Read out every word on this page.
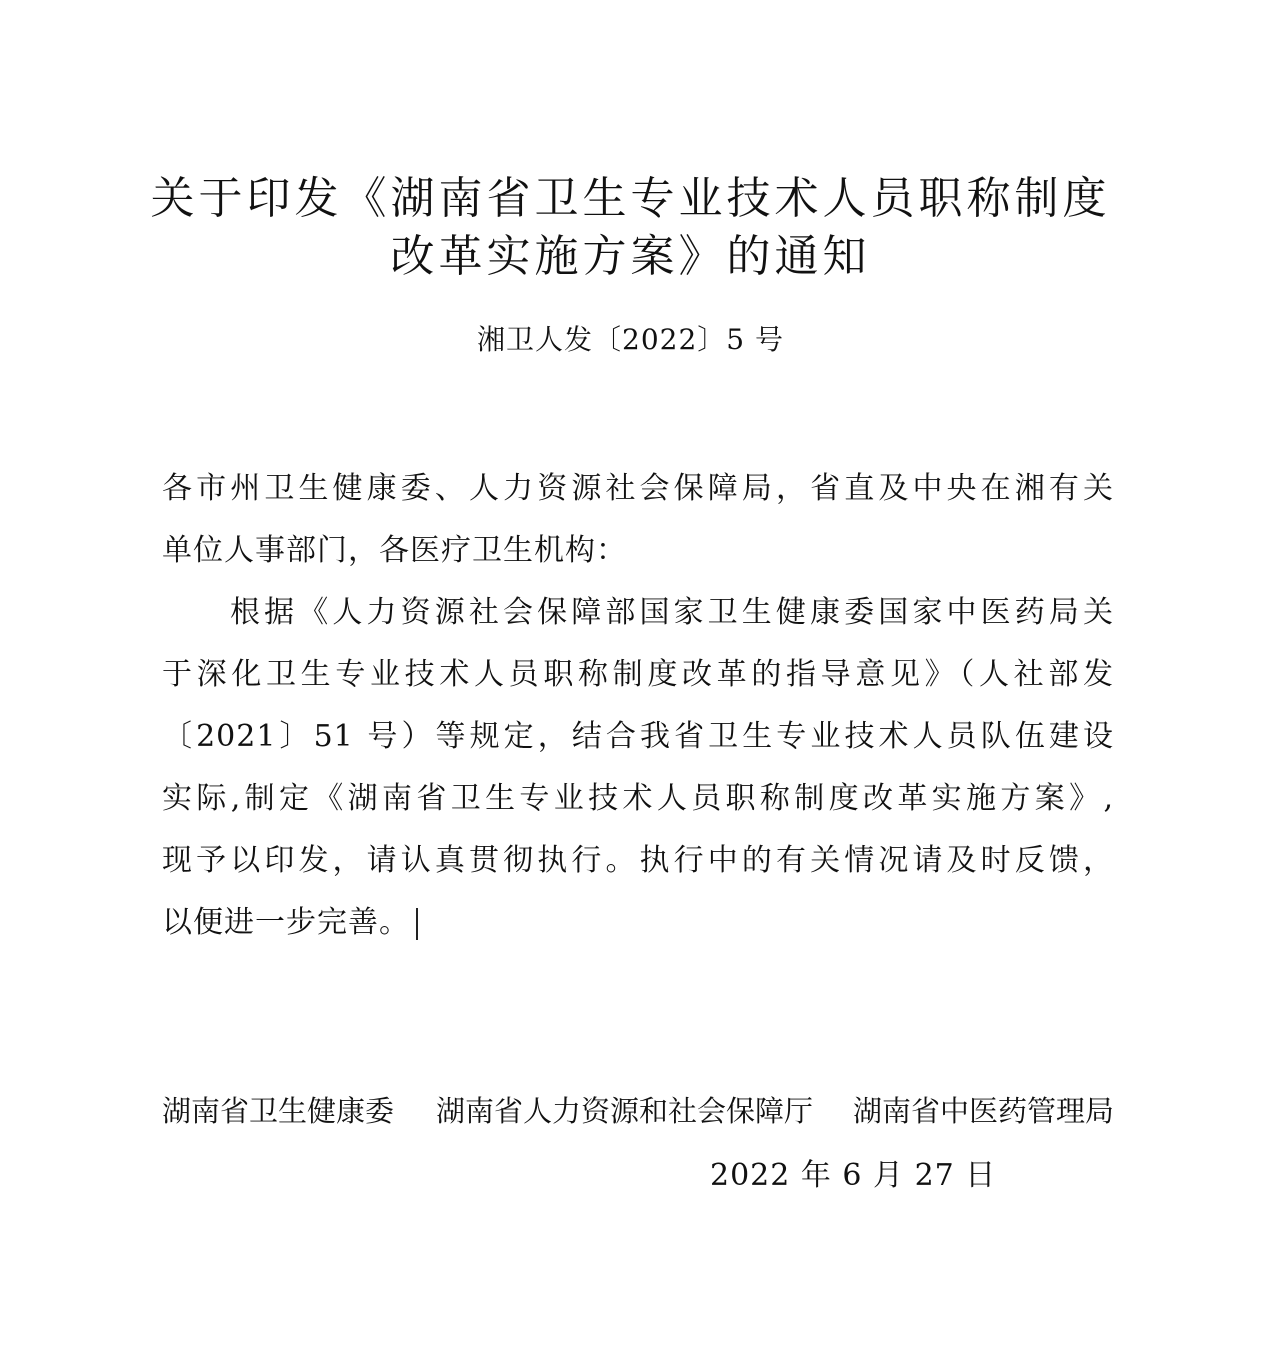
关于印发《湖南省卫生专业技术人员职称制度
改革实施方案》的通知
湘卫人发〔2022〕5 号
各市州卫生健康委、人力资源社会保障局，省直及中央在湘有关
单位人事部门，各医疗卫生机构：
根据《人力资源社会保障部国家卫生健康委国家中医药局关
于深化卫生专业技术人员职称制度改革的指导意见》（人社部发
〔2021〕51 号）等规定，结合我省卫生专业技术人员队伍建设
实际,制定《湖南省卫生专业技术人员职称制度改革实施方案》,
现予以印发，请认真贯彻执行。执行中的有关情况请及时反馈，
以便进一步完善。
湖南省卫生健康委 湖南省人力资源和社会保障厅 湖南省中医药管理局
2022 年 6 月 27 日
